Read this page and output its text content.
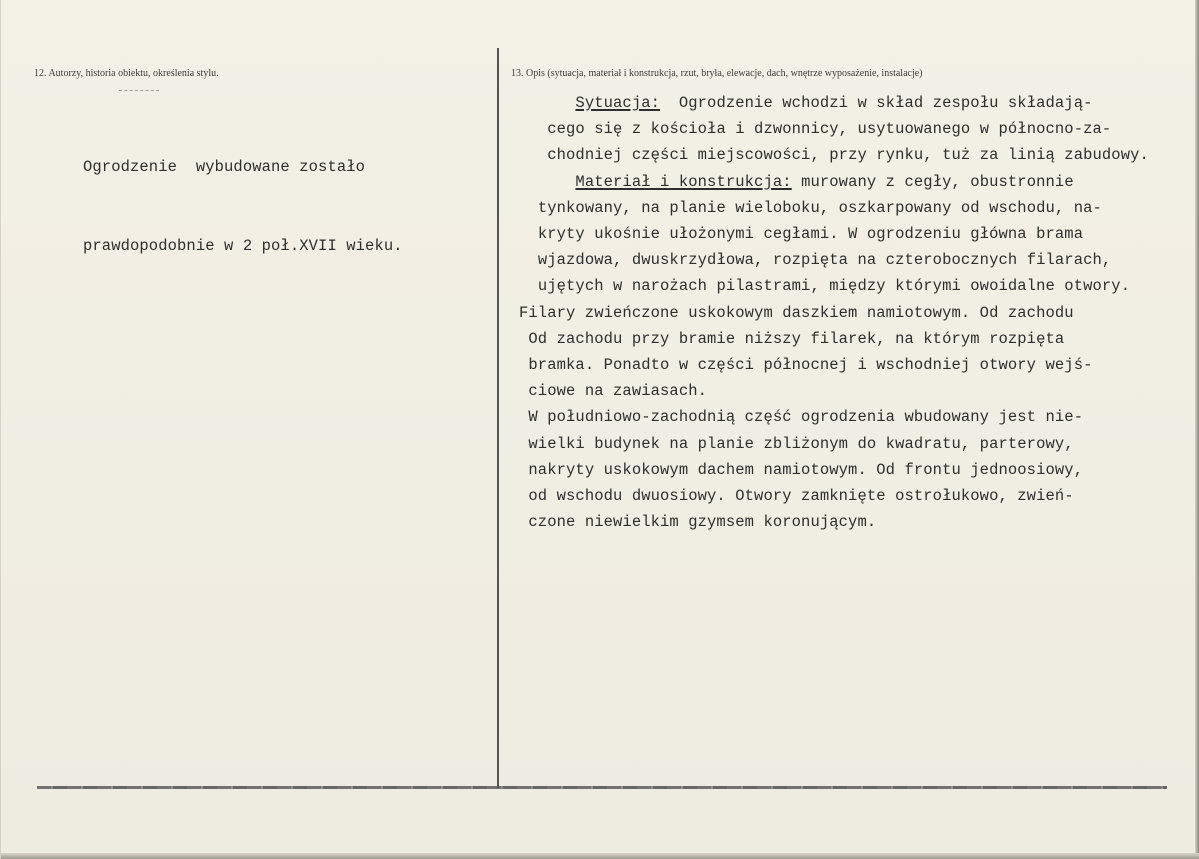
12. Autorzy, historia obiektu, określenia stylu.	13. Opis (sytuacja, materiał i konstrukcja, rzut, bryła, elewacje, dach, wnętrze wyposażenie, instalacje)

Ogrodzenie  wybudowane zostało

prawdopodobnie w 2 poł.XVII wieku.

Sytuacja:  Ogrodzenie wchodzi w skład zespołu składają-
cego się z kościoła i dzwonnicy, usytuowanego w północno-za-
chodniej części miejscowości, przy rynku, tuż za linią zabudowy.
Materiał i konstrukcja: murowany z cegły, obustronnie
tynkowany, na planie wieloboku, oszkarpowany od wschodu, na-
kryty ukośnie ułożonymi cegłami. W ogrodzeniu główna brama
wjazdowa, dwuskrzydłowa, rozpięta na czterobocznych filarach,
ujętych w narożach pilastrami, między którymi owoidalne otwory.
Filary zwieńczone uskokowym daszkiem namiotowym. Od zachodu
Od zachodu przy bramie niższy filarek, na którym rozpięta
bramka. Ponadto w części północnej i wschodniej otwory wejś-
ciowe na zawiasach.
W południowo-zachodnią część ogrodzenia wbudowany jest nie-
wielki budynek na planie zbliżonym do kwadratu, parterowy,
nakryty uskokowym dachem namiotowym. Od frontu jednoosiowy,
od wschodu dwuosiowy. Otwory zamknięte ostrołukowo, zwień-
czone niewielkim gzymsem koronującym.
